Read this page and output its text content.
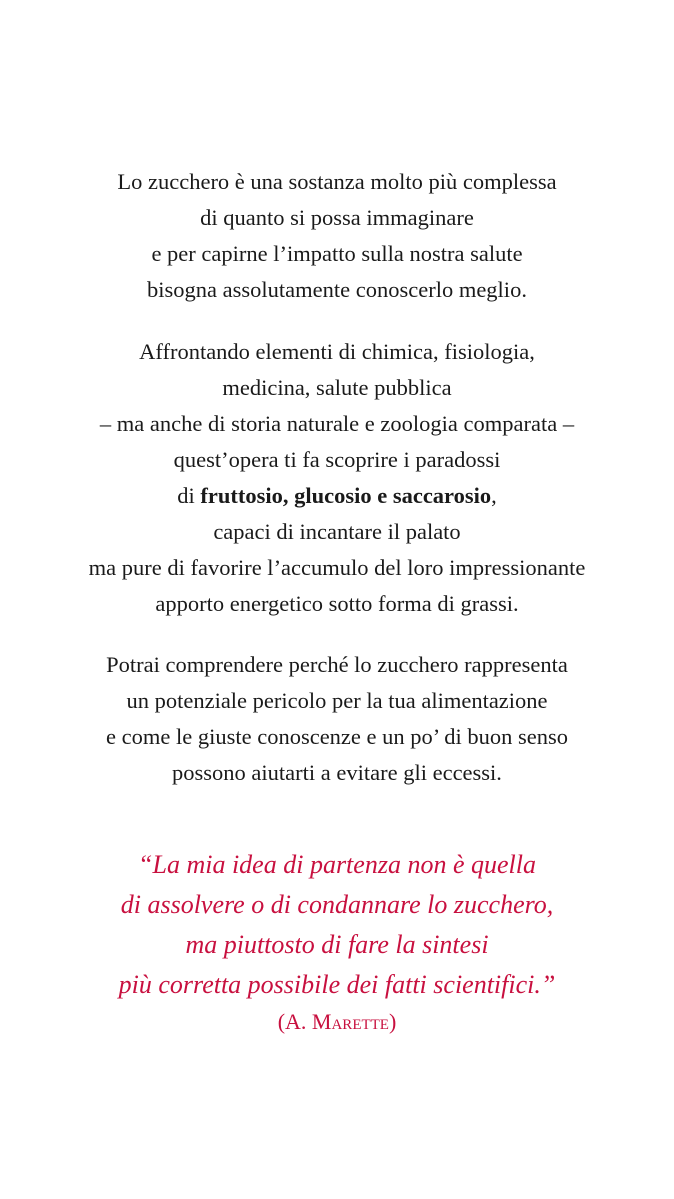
Lo zucchero è una sostanza molto più complessa
di quanto si possa immaginare
e per capirne l’impatto sulla nostra salute
bisogna assolutamente conoscerlo meglio.
Affrontando elementi di chimica, fisiologia,
medicina, salute pubblica
– ma anche di storia naturale e zoologia comparata –
quest’opera ti fa scoprire i paradossi
di fruttosio, glucosio e saccarosio,
capaci di incantare il palato
ma pure di favorire l’accumulo del loro impressionante
apporto energetico sotto forma di grassi.
Potrai comprendere perché lo zucchero rappresenta
un potenziale pericolo per la tua alimentazione
e come le giuste conoscenze e un po’ di buon senso
possono aiutarti a evitare gli eccessi.
“La mia idea di partenza non è quella
di assolvere o di condannare lo zucchero,
ma piuttosto di fare la sintesi
più corretta possibile dei fatti scientifici.”
(A. Marette)
